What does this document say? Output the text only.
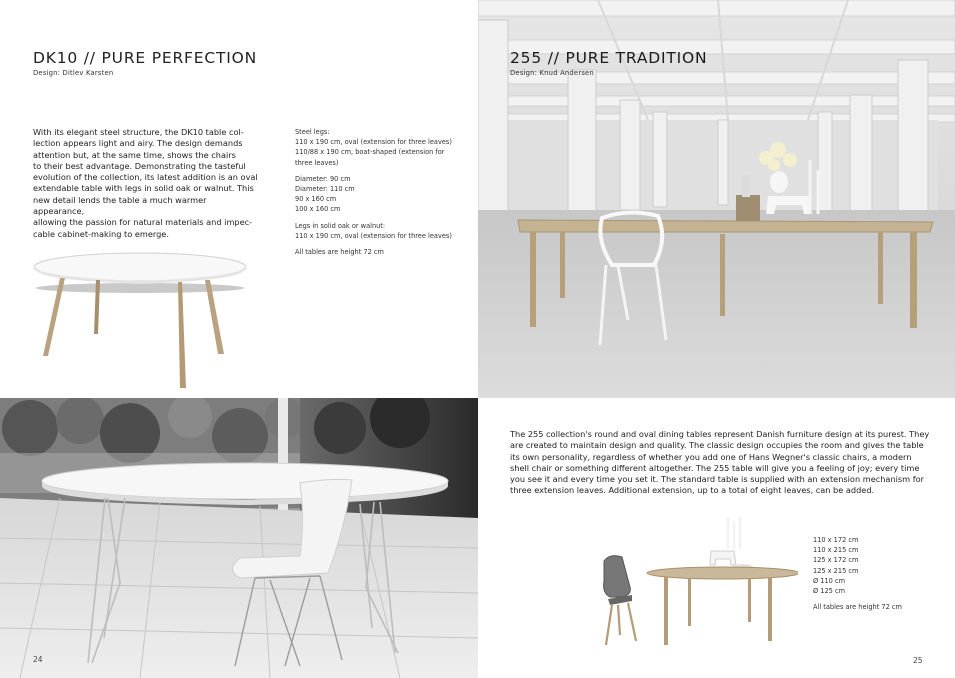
DK10 // PURE PERFECTION
Design: Ditlev Karsten
With its elegant steel structure, the DK10 table col-
lection appears light and airy. The design demands
attention but, at the same time, shows the chairs
to their best advantage. Demonstrating the tasteful
evolution of the collection, its latest addition is an oval
extendable table with legs in solid oak or walnut. This
new detail lends the table a much warmer appearance,
allowing the passion for natural materials and impec-
cable cabinet-making to emerge.
Steel legs:
110 x 190 cm, oval (extension for three leaves)
110/88 x 190 cm, boat-shaped (extension for
three leaves)
Diameter: 90 cm
Diameter: 110 cm
90 x 160 cm
100 x 160 cm
Legs in solid oak or walnut:
110 x 190 cm, oval (extension for three leaves)
All tables are height 72 cm
24
255 // PURE TRADITION
Design: Knud Andersen
The 255 collection's round and oval dining tables represent Danish furniture design at its purest. They
are created to maintain design and quality. The classic design occupies the room and gives the table
its own personality, regardless of whether you add one of Hans Wegner's classic chairs, a modern
shell chair or something different altogether. The 255 table will give you a feeling of joy; every time
you see it and every time you set it. The standard table is supplied with an extension mechanism for
three extension leaves. Additional extension, up to a total of eight leaves, can be added.
110 x 172 cm
110 x 215 cm
125 x 172 cm
125 x 215 cm
Ø 110 cm
Ø 125 cm
All tables are height 72 cm
25
